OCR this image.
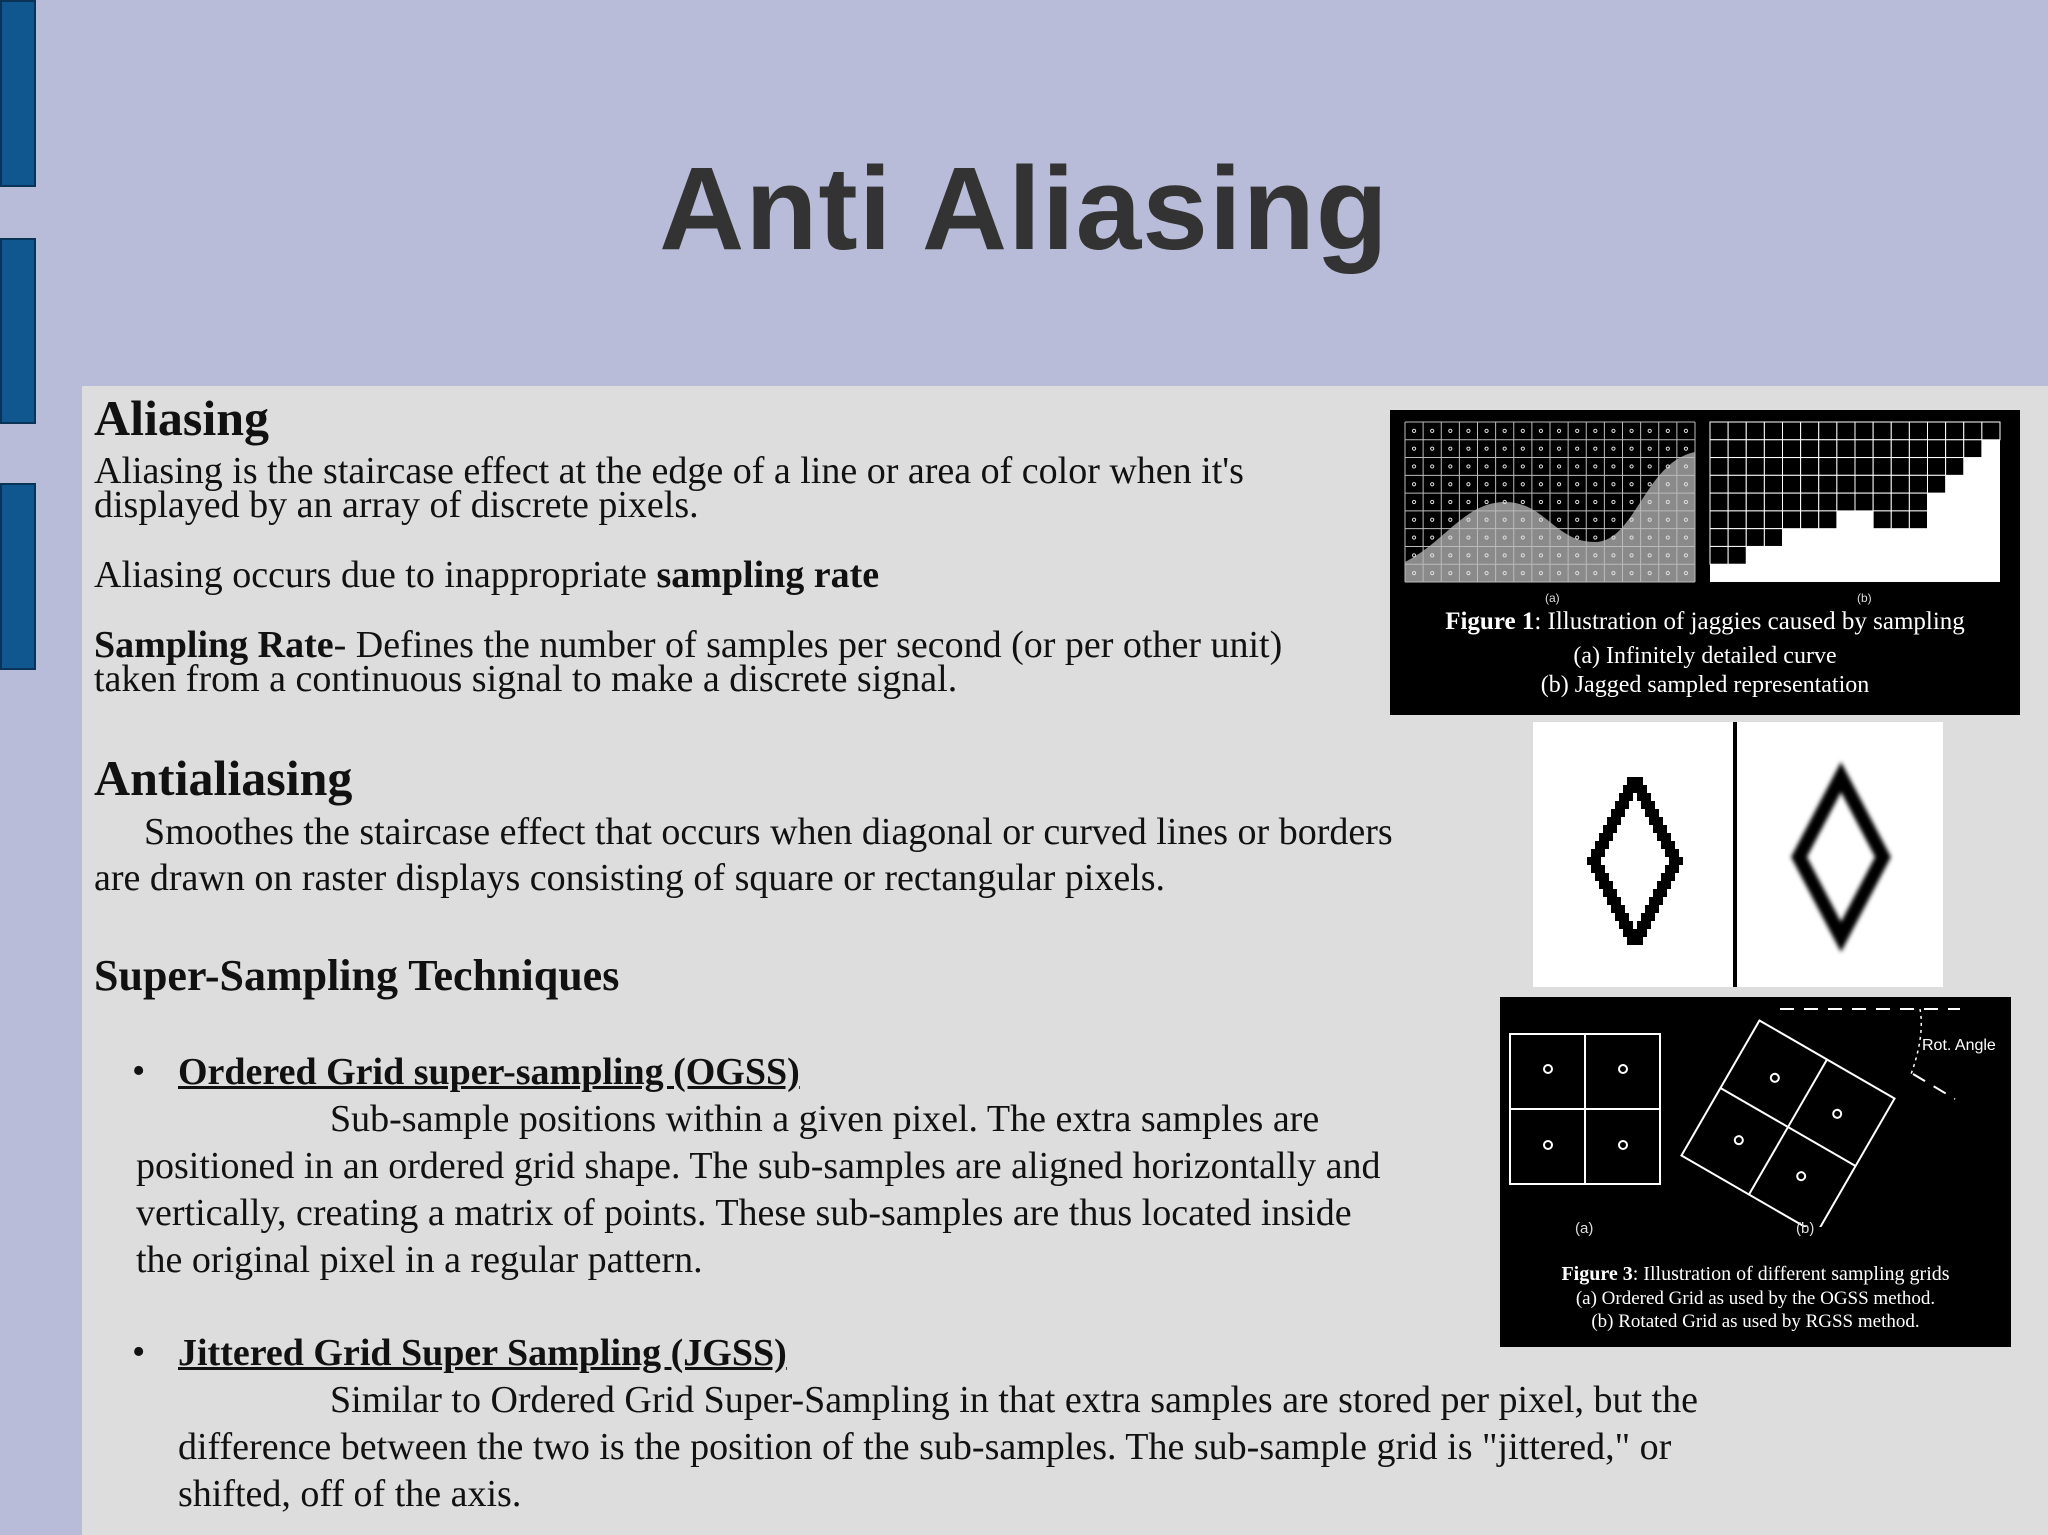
Anti Aliasing
Aliasing
Aliasing is the staircase effect at the edge of a line or area of color when it's
displayed by an array of discrete pixels.
Aliasing occurs due to inappropriate sampling rate
Sampling Rate- Defines the number of samples per second (or per other unit)
taken from a continuous signal to make a discrete signal.
Antialiasing
Smoothes the staircase effect that occurs when diagonal or curved lines or borders
are drawn on raster displays consisting of square or rectangular pixels.
Super-Sampling Techniques
• Ordered Grid super-sampling (OGSS)
Sub-sample positions within a given pixel. The extra samples are
positioned in an ordered grid shape. The sub-samples are aligned horizontally and
vertically, creating a matrix of points. These sub-samples are thus located inside
the original pixel in a regular pattern.
• Jittered Grid Super Sampling (JGSS)
Similar to Ordered Grid Super-Sampling in that extra samples are stored per pixel, but the
difference between the two is the position of the sub-samples. The sub-sample grid is "jittered," or
shifted, off of the axis.
(a)	(b)
Figure 1: Illustration of jaggies caused by sampling
(a) Infinitely detailed curve
(b) Jagged sampled representation
Rot. Angle
(a)	(b)
Figure 3: Illustration of different sampling grids
(a) Ordered Grid as used by the OGSS method.
(b) Rotated Grid as used by RGSS method.
